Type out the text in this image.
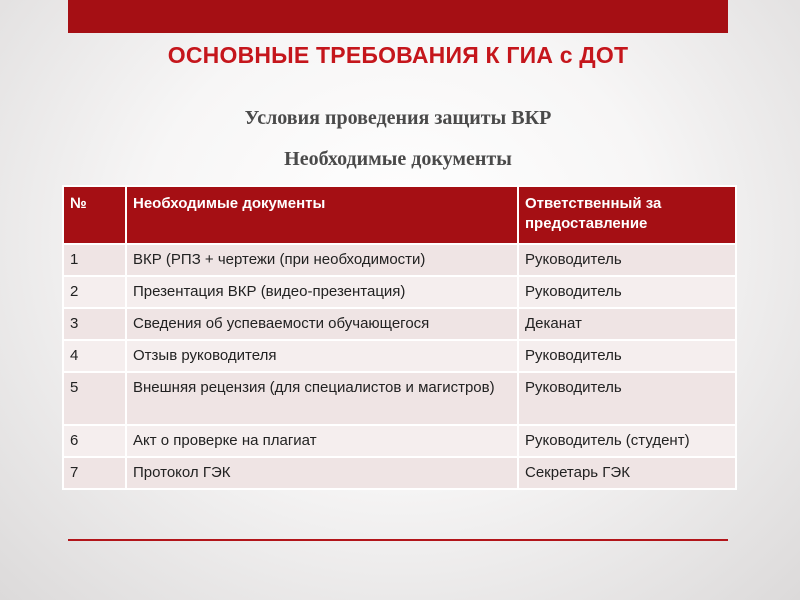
ОСНОВНЫЕ ТРЕБОВАНИЯ К ГИА с ДОТ
Условия проведения защиты ВКР
Необходимые документы
№	Необходимые документы	Ответственный за предоставление
1	ВКР (РПЗ + чертежи (при необходимости)	Руководитель
2	Презентация ВКР (видео-презентация)	Руководитель
3	Сведения об успеваемости обучающегося	Деканат
4	Отзыв руководителя	Руководитель
5	Внешняя рецензия (для специалистов и магистров)	Руководитель
6	Акт о проверке на плагиат	Руководитель (студент)
7	Протокол ГЭК	Секретарь ГЭК
